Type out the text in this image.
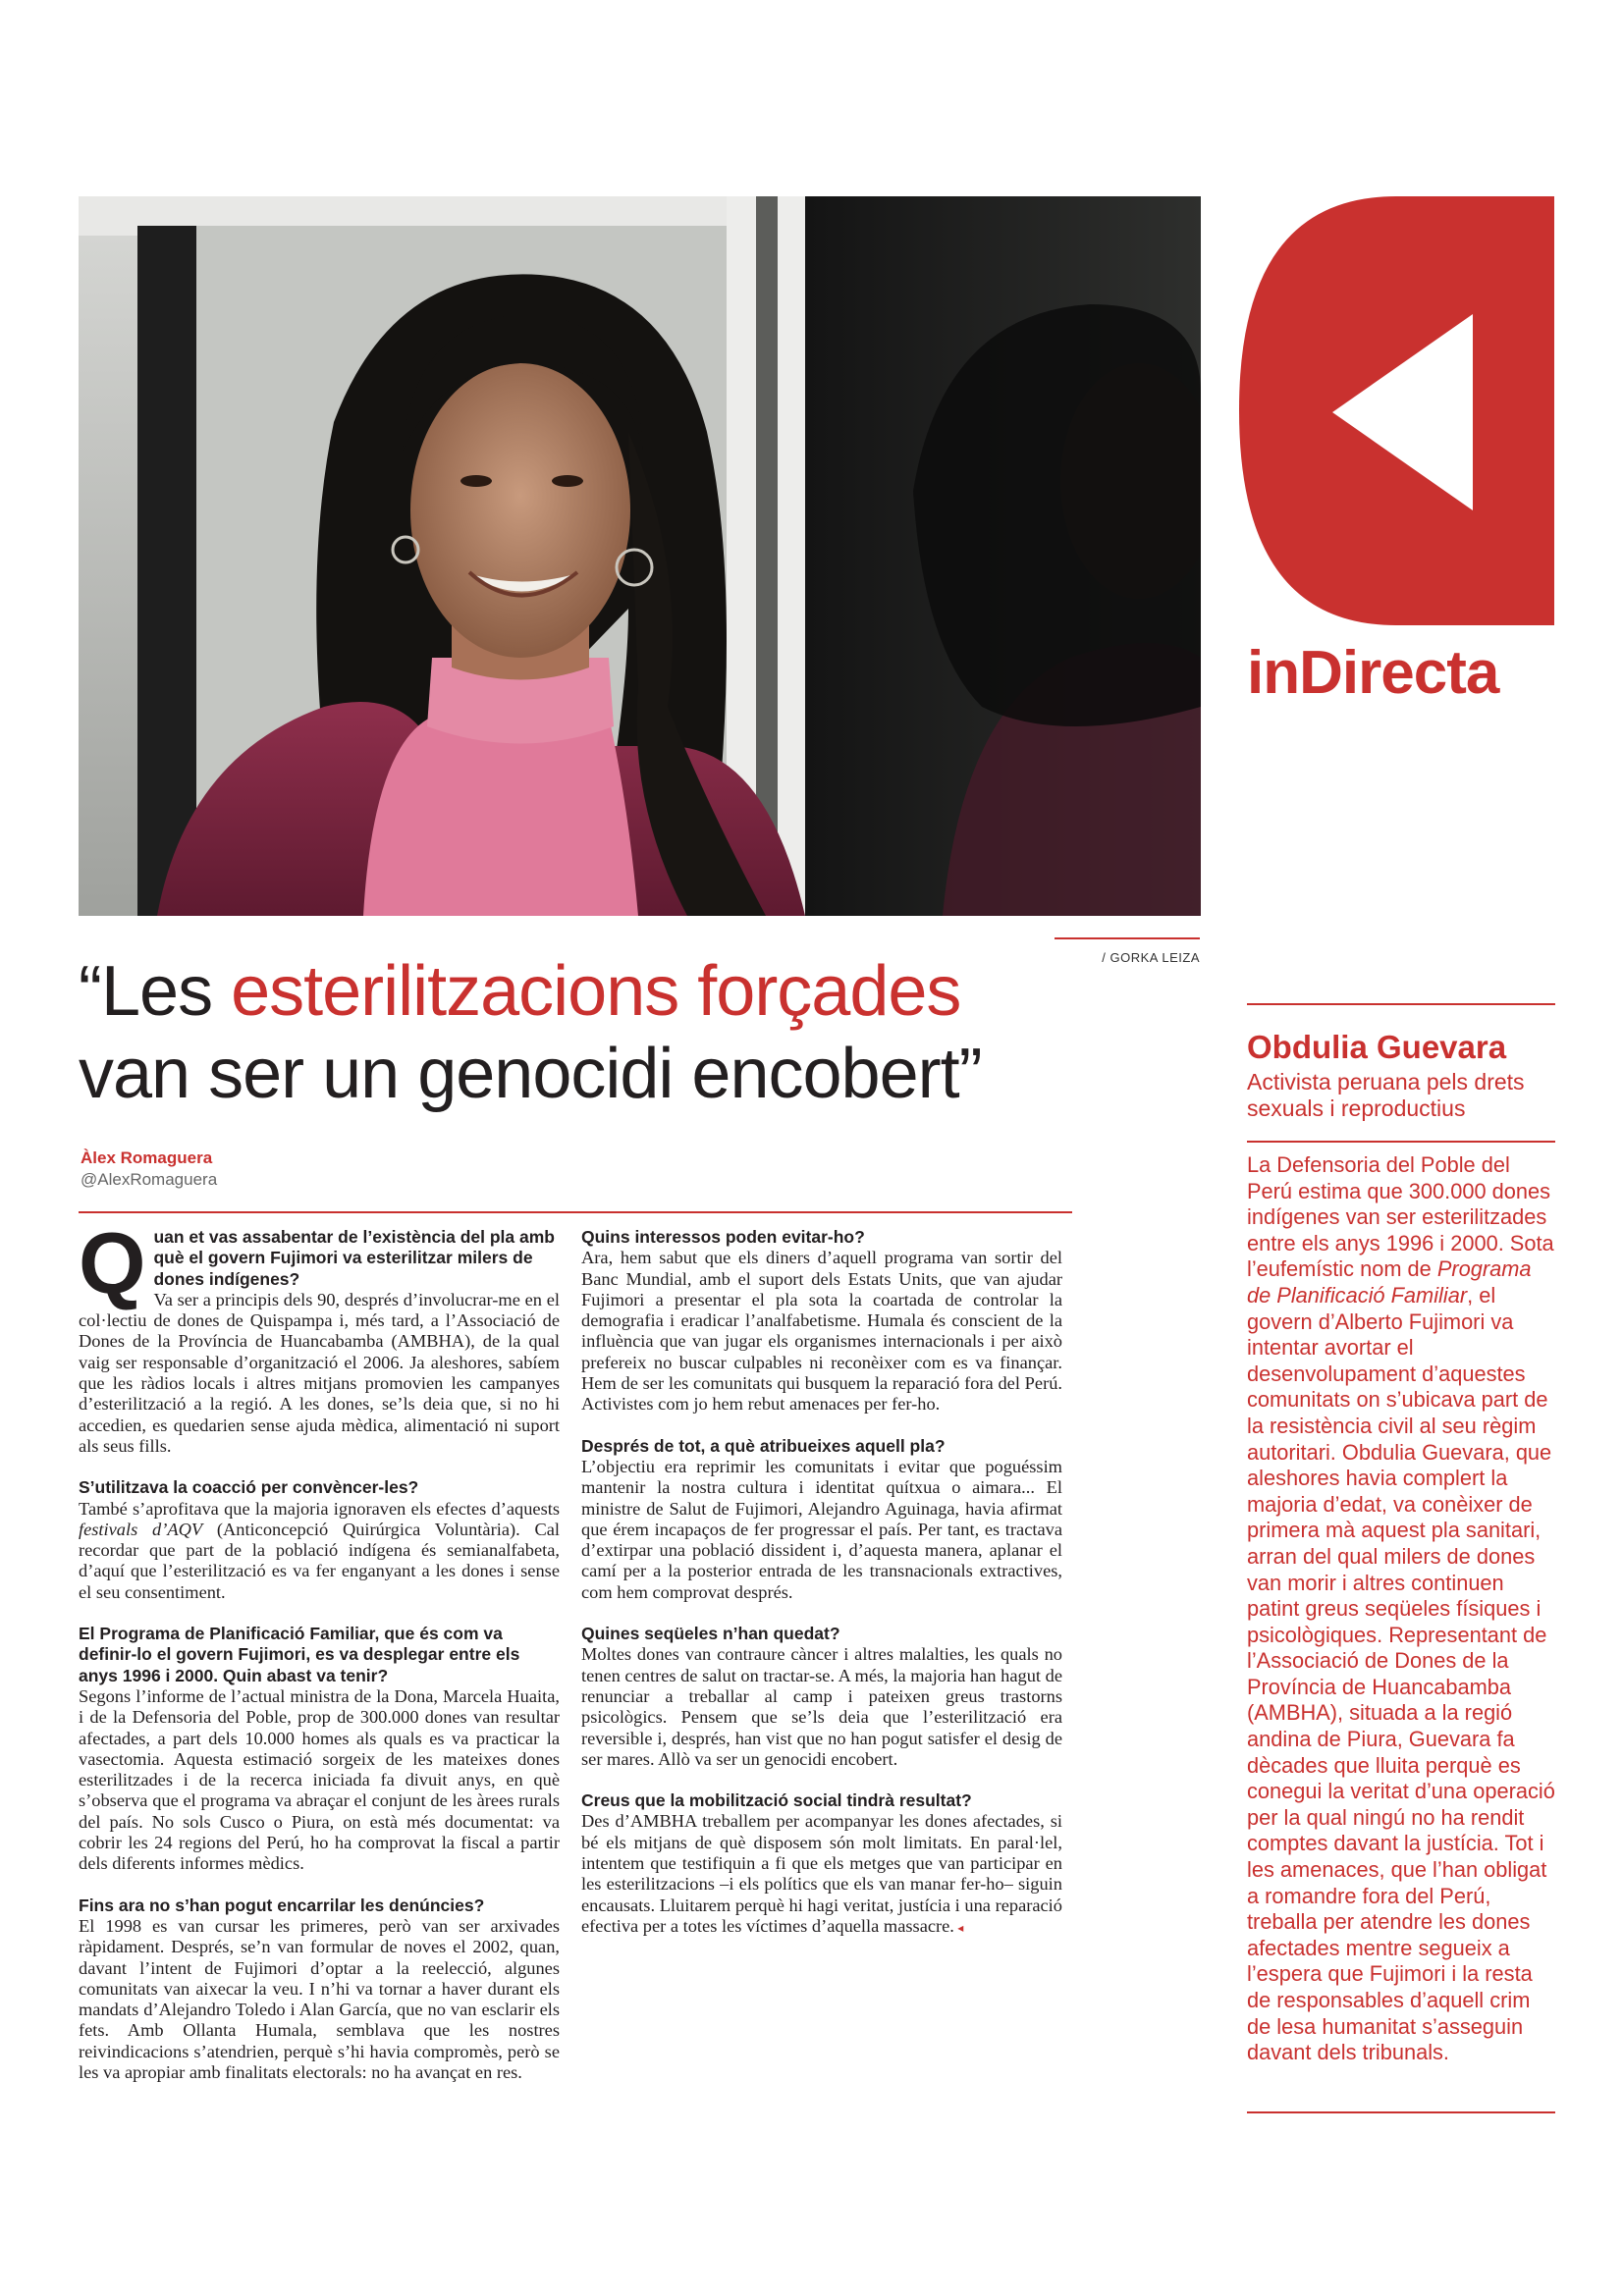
inDirecta
/ GORKA LEIZA
“Les esterilitzacions forçades
van ser un genocidi encobert”
Àlex Romaguera
@AlexRomaguera

Quan et vas assabentar de l’existència del pla amb què el govern Fujimori va esterilitzar milers de dones indígenes?

Va ser a principis dels 90, després d’involucrar-me en el col·lectiu de dones de Quispampa i, més tard, a l’Associació de Dones de la Província de Huancabamba (AMBHA), de la qual vaig ser responsable d’organització el 2006. Ja aleshores, sabíem que les ràdios locals i altres mitjans promovien les campanyes d’esterilització a la regió. A les dones, se’ls deia que, si no hi accedien, es quedarien sense ajuda mèdica, alimentació ni suport als seus fills.

S’utilitzava la coacció per convèncer-les?

També s’aprofitava que la majoria ignoraven els efectes d’aquests festivals d’AQV (Anticoncepció Quirúrgica Voluntària). Cal recordar que part de la població indígena és semianalfabeta, d’aquí que l’esterilització es va fer enganyant a les dones i sense el seu consentiment.

El Programa de Planificació Familiar, que és com va definir-lo el govern Fujimori, es va desplegar entre els anys 1996 i 2000. Quin abast va tenir?

Segons l’informe de l’actual ministra de la Dona, Marcela Huaita, i de la Defensoria del Poble, prop de 300.000 dones van resultar afectades, a part dels 10.000 homes als quals es va practicar la vasectomia. Aquesta estimació sorgeix de les mateixes dones esterilitzades i de la recerca iniciada fa divuit anys, en què s’observa que el programa va abraçar el conjunt de les àrees rurals del país. No sols Cusco o Piura, on està més documentat: va cobrir les 24 regions del Perú, ho ha comprovat la fiscal a partir dels diferents informes mèdics.

Fins ara no s’han pogut encarrilar les denúncies?

El 1998 es van cursar les primeres, però van ser arxivades ràpidament. Després, se’n van formular de noves el 2002, quan, davant l’intent de Fujimori d’optar a la reelecció, algunes comunitats van aixecar la veu. I n’hi va tornar a haver durant els mandats d’Alejandro Toledo i Alan García, que no van esclarir els fets. Amb Ollanta Humala, semblava que les nostres reivindicacions s’atendrien, perquè s’hi havia compromès, però se les va apropiar amb finalitats electorals: no ha avançat en res.

Quins interessos poden evitar-ho?

Ara, hem sabut que els diners d’aquell programa van sortir del Banc Mundial, amb el suport dels Estats Units, que van ajudar Fujimori a presentar el pla sota la coartada de controlar la demografia i eradicar l’analfabetisme. Humala és conscient de la influència que van jugar els organismes internacionals i per això prefereix no buscar culpables ni reconèixer com es va finançar. Hem de ser les comunitats qui busquem la reparació fora del Perú. Activistes com jo hem rebut amenaces per fer-ho.

Després de tot, a què atribueixes aquell pla?

L’objectiu era reprimir les comunitats i evitar que poguéssim mantenir la nostra cultura i identitat quítxua o aimara... El ministre de Salut de Fujimori, Alejandro Aguinaga, havia afirmat que érem incapaços de fer progressar el país. Per tant, es tractava d’extirpar una població dissident i, d’aquesta manera, aplanar el camí per a la posterior entrada de les transnacionals extractives, com hem comprovat després.

Quines seqüeles n’han quedat?

Moltes dones van contraure càncer i altres malalties, les quals no tenen centres de salut on tractar-se. A més, la majoria han hagut de renunciar a treballar al camp i pateixen greus trastorns psicològics. Pensem que se’ls deia que l’esterilització era reversible i, després, han vist que no han pogut satisfer el desig de ser mares. Allò va ser un genocidi encobert.

Creus que la mobilització social tindrà resultat?

Des d’AMBHA treballem per acompanyar les dones afectades, si bé els mitjans de què disposem són molt limitats. En paral·lel, intentem que testifiquin a fi que els metges que van participar en les esterilitzacions –i els polítics que els van manar fer-ho– siguin encausats. Lluitarem perquè hi hagi veritat, justícia i una reparació efectiva per a totes les víctimes d’aquella massacre. ◂

Obdulia Guevara
Activista peruana pels drets sexuals i reproductius
La Defensoria del Poble del Perú estima que 300.000 dones indígenes van ser esterilitzades entre els anys 1996 i 2000. Sota l’eufemístic nom de Programa de Planificació Familiar, el govern d’Alberto Fujimori va intentar avortar el desenvolupament d’aquestes comunitats on s’ubicava part de la resistència civil al seu règim autoritari. Obdulia Guevara, que aleshores havia complert la majoria d’edat, va conèixer de primera mà aquest pla sanitari, arran del qual milers de dones van morir i altres continuen patint greus seqüeles físiques i psicològiques. Representant de l’Associació de Dones de la Província de Huancabamba (AMBHA), situada a la regió andina de Piura, Guevara fa dècades que lluita perquè es conegui la veritat d’una operació per la qual ningú no ha rendit comptes davant la justícia. Tot i les amenaces, que l’han obligat a romandre fora del Perú, treballa per atendre les dones afectades mentre segueix a l’espera que Fujimori i la resta de responsables d’aquell crim de lesa humanitat s’asseguin davant dels tribunals.
